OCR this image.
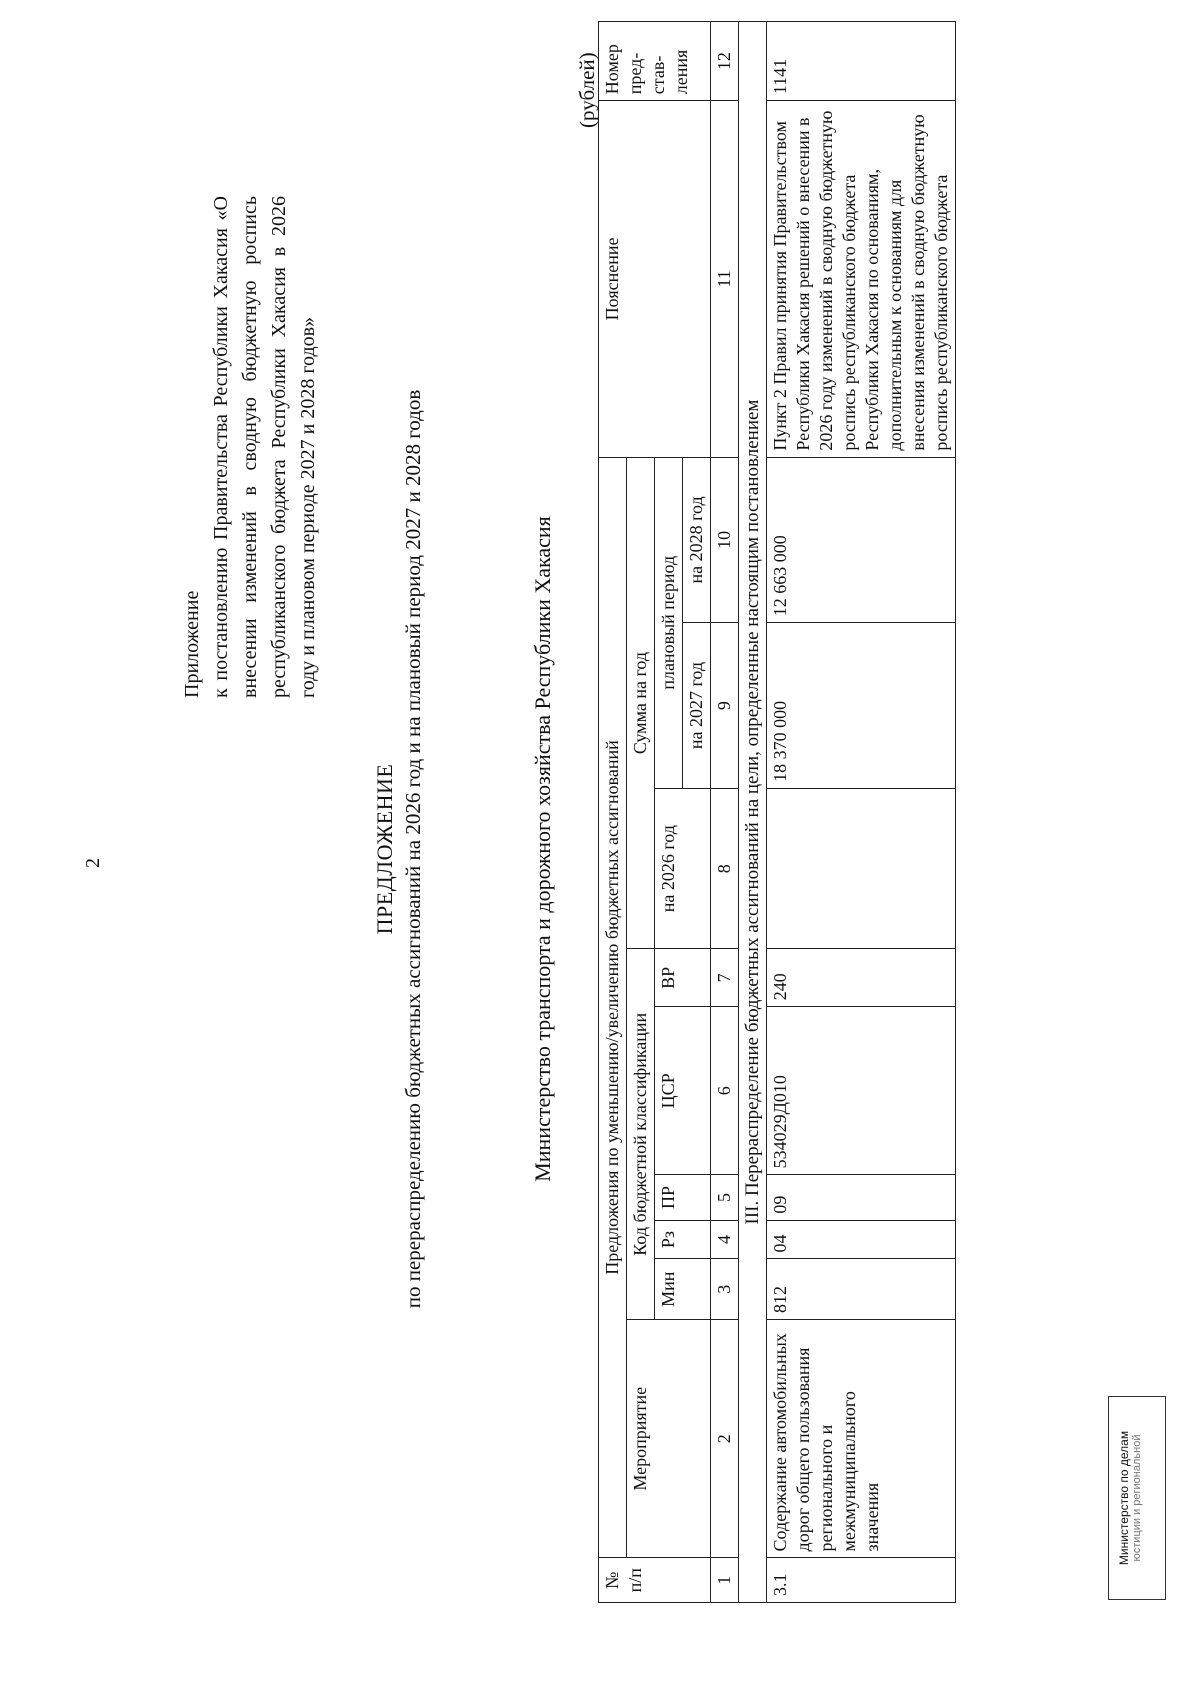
2
Приложение к постановлению Правительства Республики Хакасия «О внесении изменений в сводную бюджетную роспись республиканского бюджета Республики Хакасия в 2026 году и плановом периоде 2027 и 2028 годов»
ПРЕДЛОЖЕНИЕ по перераспределению бюджетных ассигнований на 2026 год и на плановый период 2027 и 2028 годов	Министерство транспорта и дорожного хозяйства Республики Хакасия
(рублей)
№ п/п	Предложения по уменьшению/увеличению бюджетных ассигнований									Пояснение	Номер пред- став- ления
	Мероприятие	Код бюджетной классификации					Сумма на год				
		Мин	Рз	ПР	ЦСР	ВР	на 2026 год	плановый период			
								на 2027 год	на 2028 год		
1	2	3	4	5	6	7	8	9	10	11	12
III. Перераспределение бюджетных ассигнований на цели, определенные настоящим постановлением											
3.1	Содержание автомобильных дорог общего пользования регионального и межмуниципального значения	812	04	09	534029Д010	240		18 370 000	12 663 000	Пункт 2 Правил принятия Правительством Республики Хакасия решений о внесении в 2026 году изменений в сводную бюджетную роспись республиканского бюджета Республики Хакасия по основаниям, дополнительным к основаниям для внесения изменений в сводную бюджетную роспись республиканского бюджета	1141
Министерство по делам юстиции и региональной
